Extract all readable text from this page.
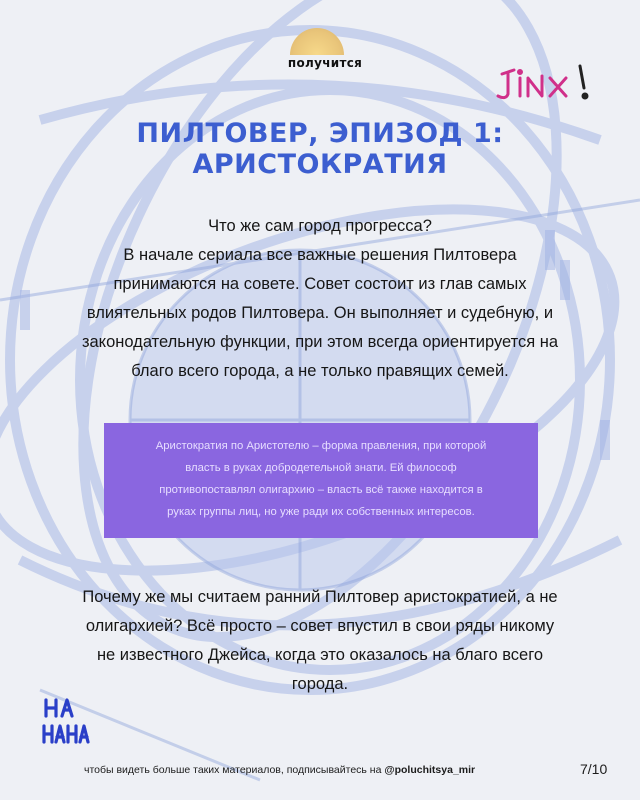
получится
ПИЛТОВЕР, ЭПИЗОД 1:
АРИСТОКРАТИЯ
Что же сам город прогресса?
В начале сериала все важные решения Пилтовера
принимаются на совете. Совет состоит из глав самых
влиятельных родов Пилтовера. Он выполняет и судебную, и
законодательную функции, при этом всегда ориентируется на
благо всего города, а не только правящих семей.
Аристократия по Аристотелю – форма правления, при которой
власть в руках добродетельной знати. Ей философ
противопоставлял олигархию – власть всё также находится в
руках группы лиц, но уже ради их собственных интересов.
Почему же мы считаем ранний Пилтовер аристократией, а не
олигархией? Всё просто – совет впустил в свои ряды никому
не известного Джейса, когда это оказалось на благо всего
города.
чтобы видеть больше таких материалов, подписывайтесь на @poluchitsya_mir	7/10
